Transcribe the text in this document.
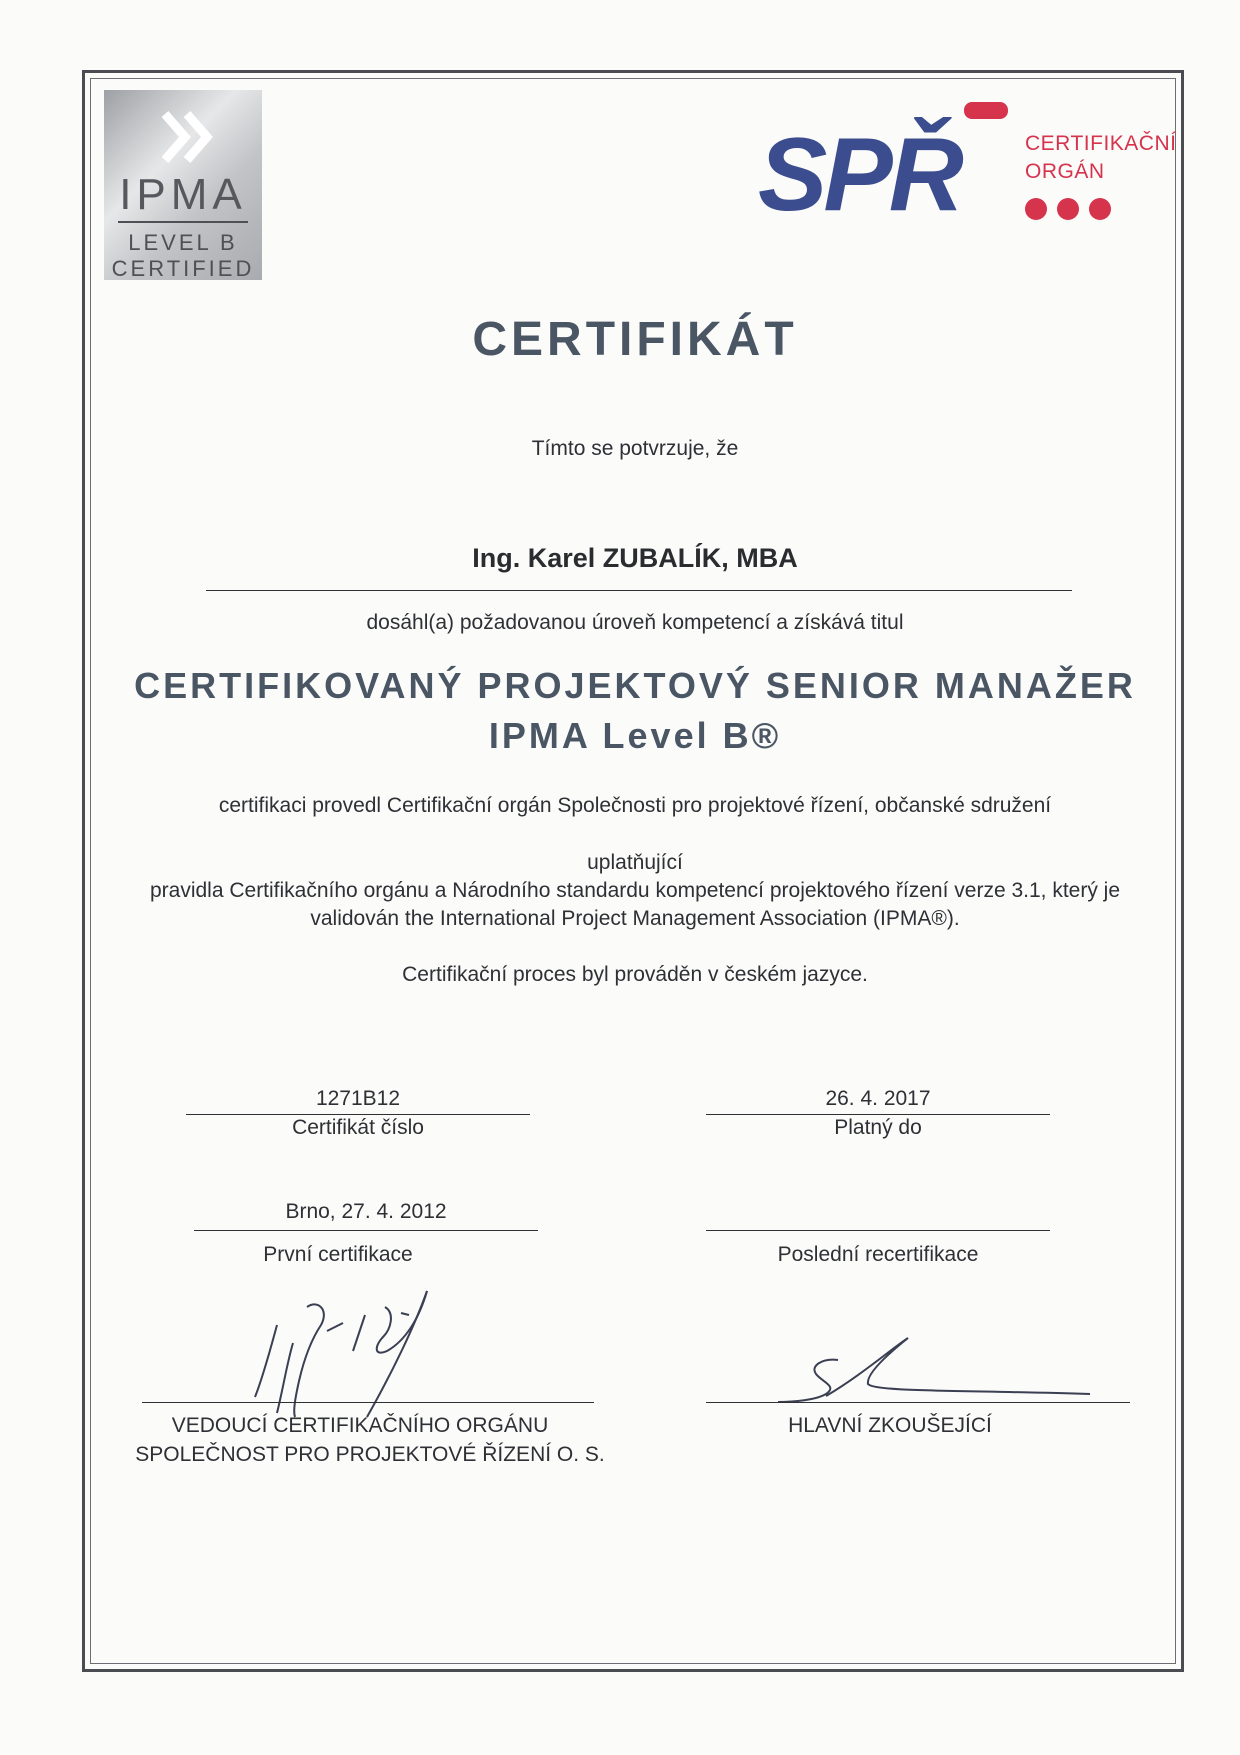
IPMA
LEVEL B
CERTIFIED
SPŘ	CERTIFIKAČNÍ
ORGÁN
CERTIFIKÁT
Tímto se potvrzuje, že
Ing. Karel ZUBALÍK, MBA
dosáhl(a) požadovanou úroveň kompetencí a získává titul
CERTIFIKOVANÝ PROJEKTOVÝ SENIOR MANAŽER
IPMA Level B®
certifikaci provedl Certifikační orgán Společnosti pro projektové řízení, občanské sdružení
uplatňující
pravidla Certifikačního orgánu a Národního standardu kompetencí projektového řízení verze 3.1, který je
validován the International Project Management Association (IPMA®).
Certifikační proces byl prováděn v českém jazyce.
1271B12
Certifikát číslo
26. 4. 2017
Platný do
Brno, 27. 4. 2012
První certifikace	Poslední recertifikace
VEDOUCÍ CERTIFIKAČNÍHO ORGÁNU
SPOLEČNOST PRO PROJEKTOVÉ ŘÍZENÍ O. S.
HLAVNÍ ZKOUŠEJÍCÍ
